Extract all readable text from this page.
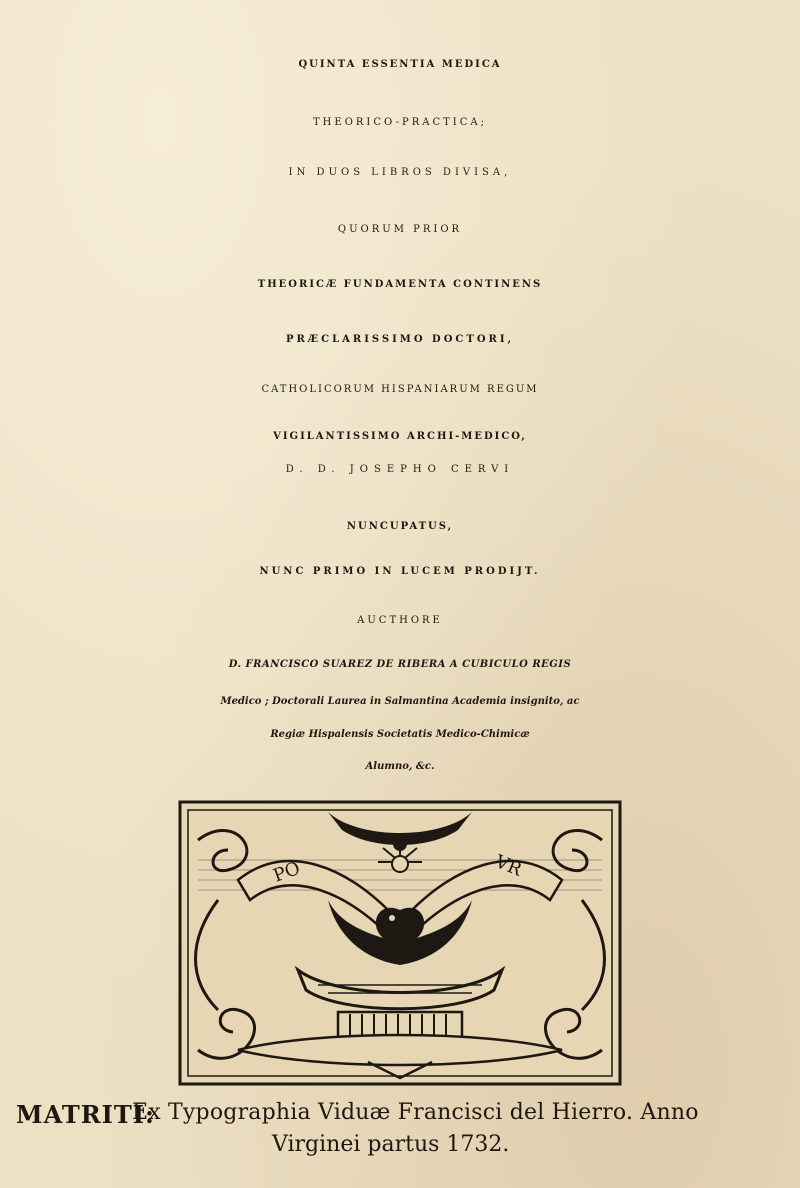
QUINTA ESSENTIA MEDICA
THEORICO-PRACTICA;
IN DUOS LIBROS DIVISA,
QUORUM PRIOR
THEORICÆ FUNDAMENTA CONTINENS
PRÆCLARISSIMO DOCTORI,
CATHOLICORUM HISPANIARUM REGUM
VIGILANTISSIMO ARCHI-MEDICO,
D. D. JOSEPHO CERVI
NUNCUPATUS,
NUNC PRIMO IN LUCEM PRODIJT.
AUCTHORE
D. FRANCISCO SUAREZ DE RIBERA A CUBICULO REGIS
Medico ; Doctorali Laurea in Salmantina Academia insignito, ac
Regiæ Hispalensis Societatis Medico-Chimicæ
Alumno, &c.
PO	VR
MATRITI:
Ex Typographia Viduæ Francisci del Hierro. Anno
Virginei partus 1732.
